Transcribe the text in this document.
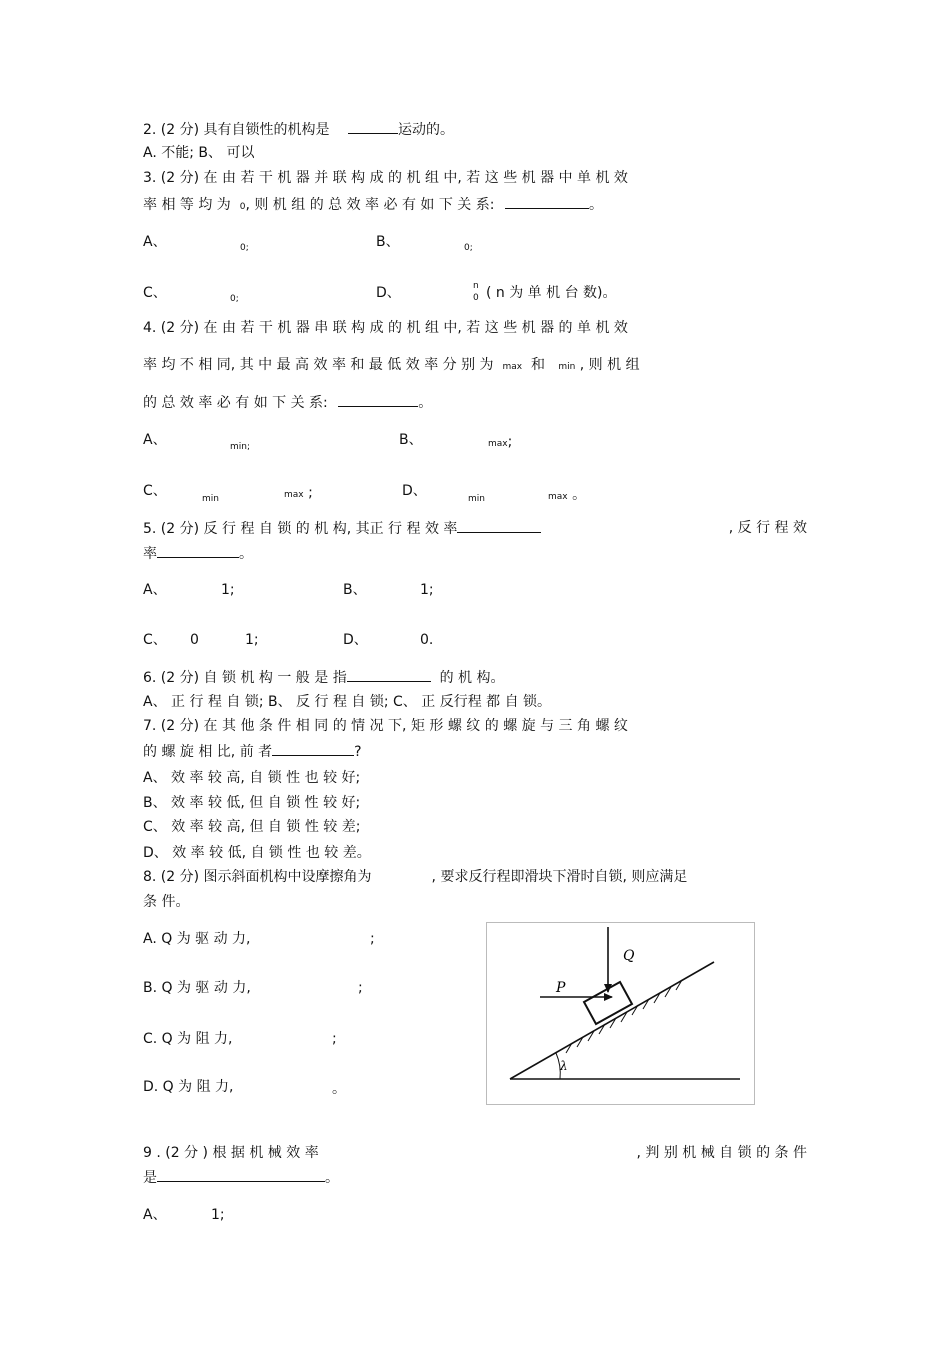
2. (2 分) 具有自锁性的机构是	运动的。
A. 不能; B、 可以
3. (2 分) 在 由 若 干 机 器 并 联 构 成 的 机 组 中, 若 这 些 机 器 中 单 机 效
率 相 等 均 为 0, 则 机 组 的 总 效 率 必 有 如 下 关 系:	。
A、	0;	B、	0;
C、	0;	D、	n
0 ( n 为 单 机 台 数)。
4. (2 分) 在 由 若 干 机 器 串 联 构 成 的 机 组 中, 若 这 些 机 器 的 单 机 效
率 均 不 相 同, 其 中 最 高 效 率 和 最 低 效 率 分 别 为 max 和 min , 则 机 组
的 总 效 率 必 有 如 下 关 系:	。
A、	min;	B、	max;
C、	min	max ;	D、	min	max 。
5. (2 分) 反 行 程 自 锁 的 机 构, 其正 行 程 效 率	, 反 行 程 效
率	。
A、	1;	B、	1;
C、 0	1;	D、	0.
6. (2 分) 自 锁 机 构 一 般 是 指	的 机 构。
A、 正 行 程 自 锁; B、 反 行 程 自 锁; C、 正 反行程 都 自 锁。
7. (2 分) 在 其 他 条 件 相 同 的 情 况 下, 矩 形 螺 纹 的 螺 旋 与 三 角 螺 纹
的 螺 旋 相 比, 前 者	?
A、 效 率 较 高, 自 锁 性 也 较 好;
B、 效 率 较 低, 但 自 锁 性 较 好;
C、 效 率 较 高, 但 自 锁 性 较 差;
D、 效 率 较 低, 自 锁 性 也 较 差。
8. (2 分) 图示斜面机构中设摩擦角为	, 要求反行程即滑块下滑时自锁, 则应满足
条 件。
A. Q 为 驱 动 力,	;
B. Q 为 驱 动 力,	;
C. Q 为 阻 力,	;
D. Q 为 阻 力,	。
Q
P
λ
9 . (2 分 ) 根 据 机 械 效 率	, 判 别 机 械 自 锁 的 条 件
是	。
A、	1;
